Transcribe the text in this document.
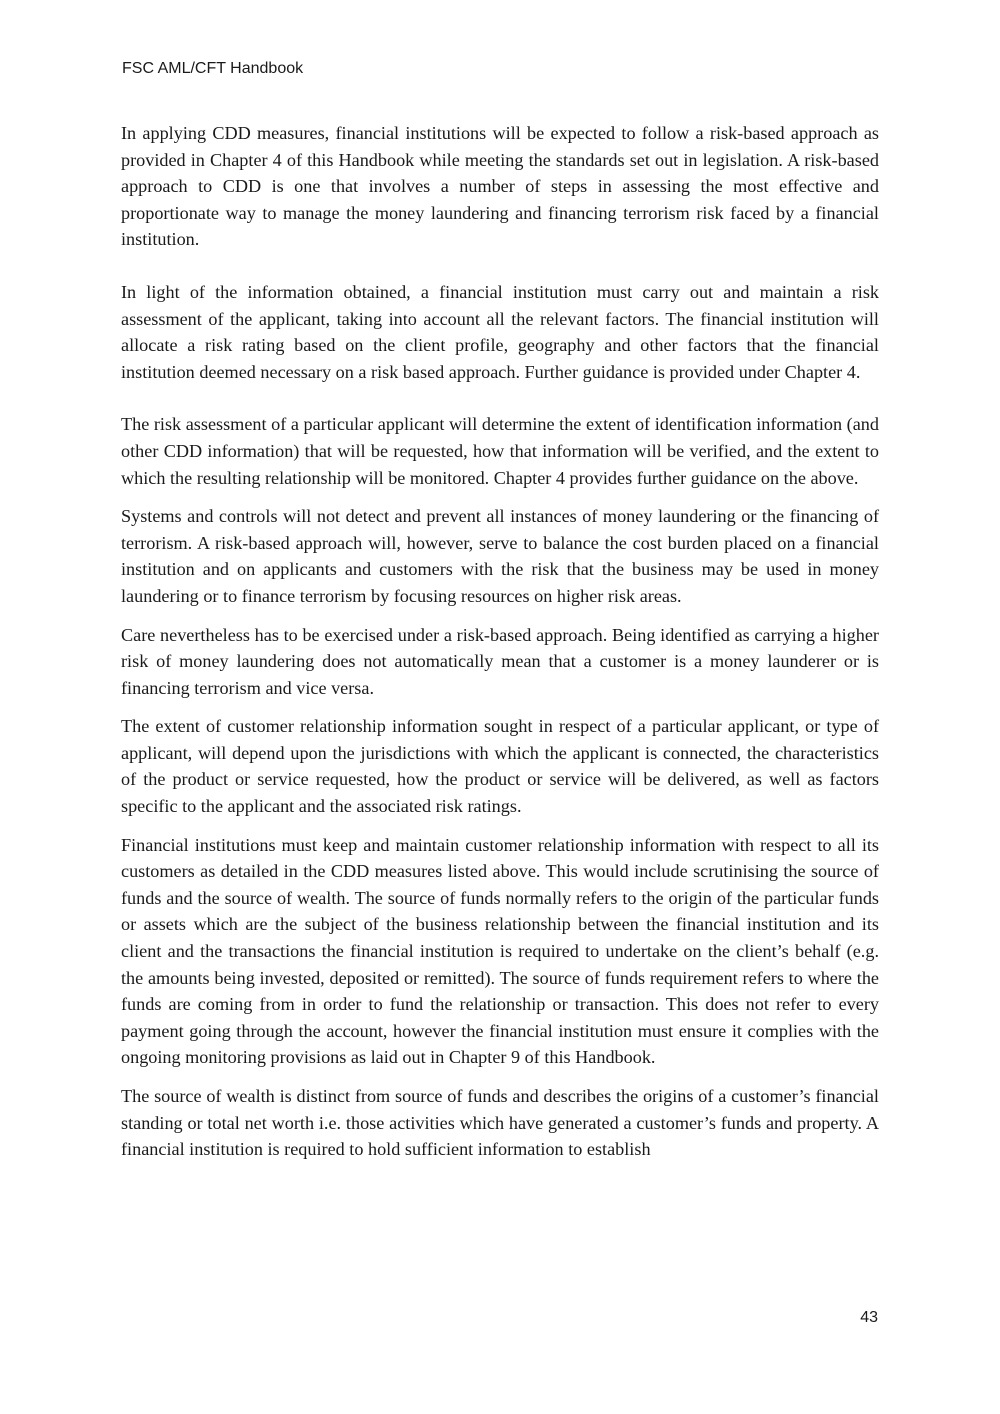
FSC AML/CFT Handbook

In applying CDD measures, financial institutions will be expected to follow a risk-based approach as provided in Chapter 4 of this Handbook while meeting the standards set out in legislation. A risk-based approach to CDD is one that involves a number of steps in assessing the most effective and proportionate way to manage the money laundering and financing terrorism risk faced by a financial institution.

In light of the information obtained, a financial institution must carry out and maintain a risk assessment of the applicant, taking into account all the relevant factors. The financial institution will allocate a risk rating based on the client profile, geography and other factors that the financial institution deemed necessary on a risk based approach. Further guidance is provided under Chapter 4.

The risk assessment of a particular applicant will determine the extent of identification information (and other CDD information) that will be requested, how that information will be verified, and the extent to which the resulting relationship will be monitored. Chapter 4 provides further guidance on the above.

Systems and controls will not detect and prevent all instances of money laundering or the financing of terrorism. A risk-based approach will, however, serve to balance the cost burden placed on a financial institution and on applicants and customers with the risk that the business may be used in money laundering or to finance terrorism by focusing resources on higher risk areas.

Care nevertheless has to be exercised under a risk-based approach. Being identified as carrying a higher risk of money laundering does not automatically mean that a customer is a money launderer or is financing terrorism and vice versa.

The extent of customer relationship information sought in respect of a particular applicant, or type of applicant, will depend upon the jurisdictions with which the applicant is connected, the characteristics of the product or service requested, how the product or service will be delivered, as well as factors specific to the applicant and the associated risk ratings.

Financial institutions must keep and maintain customer relationship information with respect to all its customers as detailed in the CDD measures listed above. This would include scrutinising the source of funds and the source of wealth. The source of funds normally refers to the origin of the particular funds or assets which are the subject of the business relationship between the financial institution and its client and the transactions the financial institution is required to undertake on the client’s behalf (e.g. the amounts being invested, deposited or remitted). The source of funds requirement refers to where the funds are coming from in order to fund the relationship or transaction. This does not refer to every payment going through the account, however the financial institution must ensure it complies with the ongoing monitoring provisions as laid out in Chapter 9 of this Handbook.

The source of wealth is distinct from source of funds and describes the origins of a customer’s financial standing or total net worth i.e. those activities which have generated a customer’s funds and property. A financial institution is required to hold sufficient information to establish

43
